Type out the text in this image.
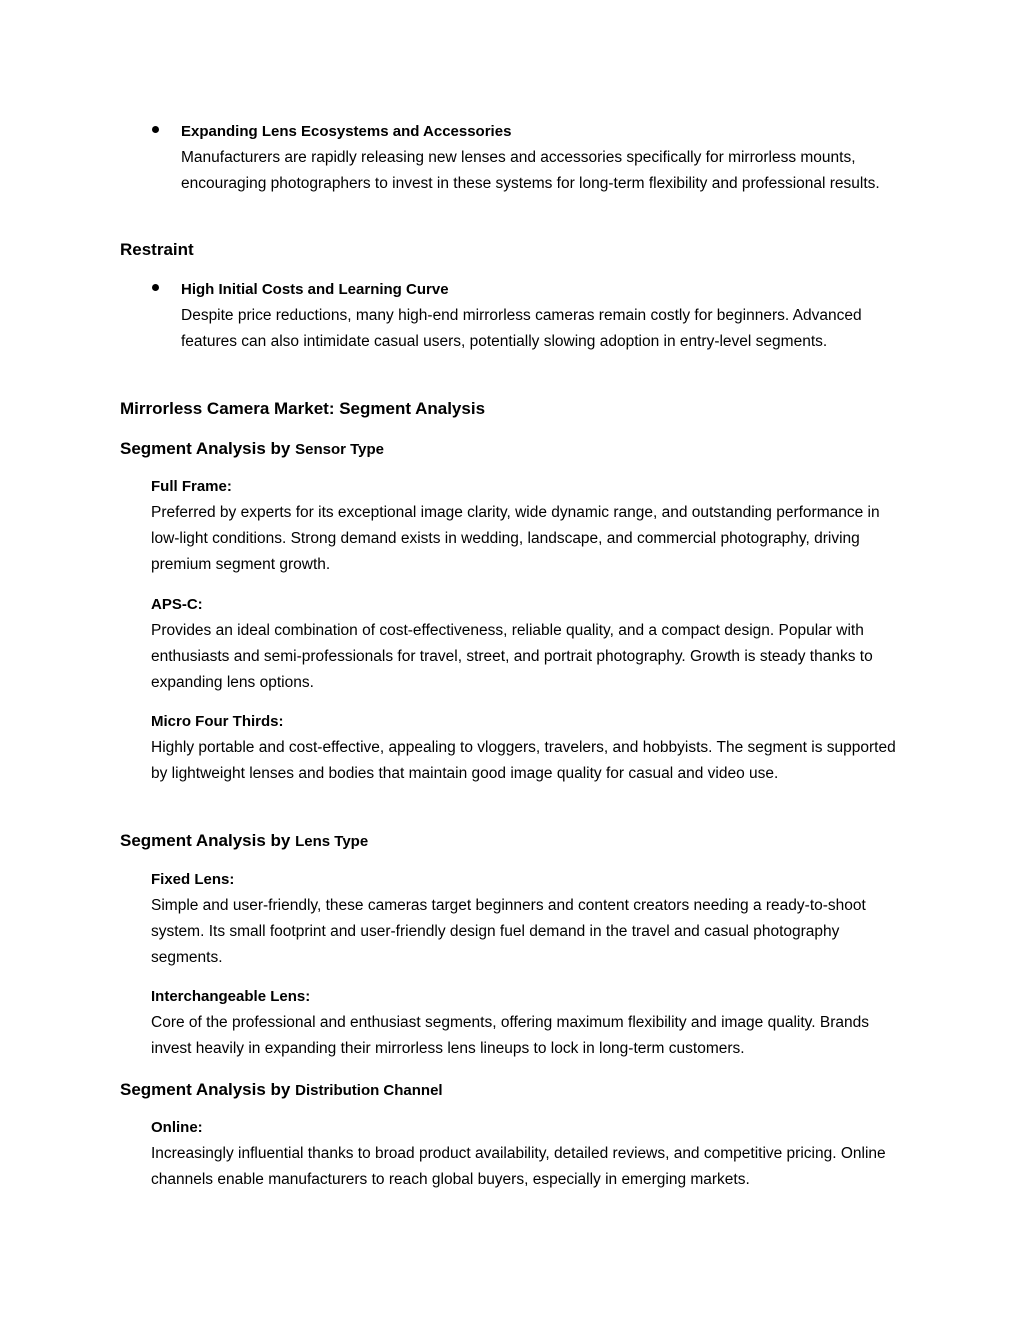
Expanding Lens Ecosystems and Accessories
Manufacturers are rapidly releasing new lenses and accessories specifically for mirrorless mounts, encouraging photographers to invest in these systems for long-term flexibility and professional results.
Restraint
High Initial Costs and Learning Curve
Despite price reductions, many high-end mirrorless cameras remain costly for beginners. Advanced features can also intimidate casual users, potentially slowing adoption in entry-level segments.
Mirrorless Camera Market: Segment Analysis
Segment Analysis by Sensor Type
Full Frame:
Preferred by experts for its exceptional image clarity, wide dynamic range, and outstanding performance in low-light conditions. Strong demand exists in wedding, landscape, and commercial photography, driving premium segment growth.
APS-C:
Provides an ideal combination of cost-effectiveness, reliable quality, and a compact design. Popular with enthusiasts and semi-professionals for travel, street, and portrait photography. Growth is steady thanks to expanding lens options.
Micro Four Thirds:
Highly portable and cost-effective, appealing to vloggers, travelers, and hobbyists. The segment is supported by lightweight lenses and bodies that maintain good image quality for casual and video use.
Segment Analysis by Lens Type
Fixed Lens:
Simple and user-friendly, these cameras target beginners and content creators needing a ready-to-shoot system. Its small footprint and user-friendly design fuel demand in the travel and casual photography segments.
Interchangeable Lens:
Core of the professional and enthusiast segments, offering maximum flexibility and image quality. Brands invest heavily in expanding their mirrorless lens lineups to lock in long-term customers.
Segment Analysis by Distribution Channel
Online:
Increasingly influential thanks to broad product availability, detailed reviews, and competitive pricing. Online channels enable manufacturers to reach global buyers, especially in emerging markets.
